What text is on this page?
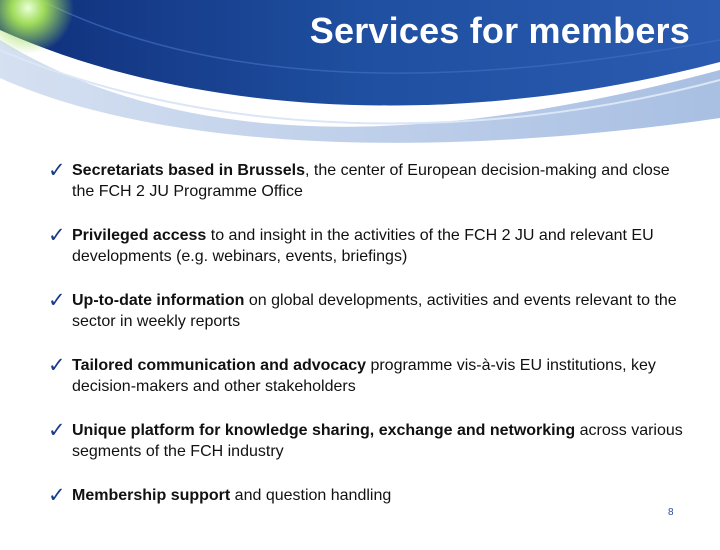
Services for members
✓ Secretariats based in Brussels, the center of European decision-making and close the FCH 2 JU Programme Office
✓ Privileged access to and insight in the activities of the FCH 2 JU and relevant EU developments (e.g. webinars, events, briefings)
✓ Up-to-date information on global developments, activities and events relevant to the sector in weekly reports
✓ Tailored communication and advocacy programme vis-à-vis EU institutions, key decision-makers and other stakeholders
✓ Unique platform for knowledge sharing, exchange and networking across various segments of the FCH industry
✓ Membership support and question handling
8
